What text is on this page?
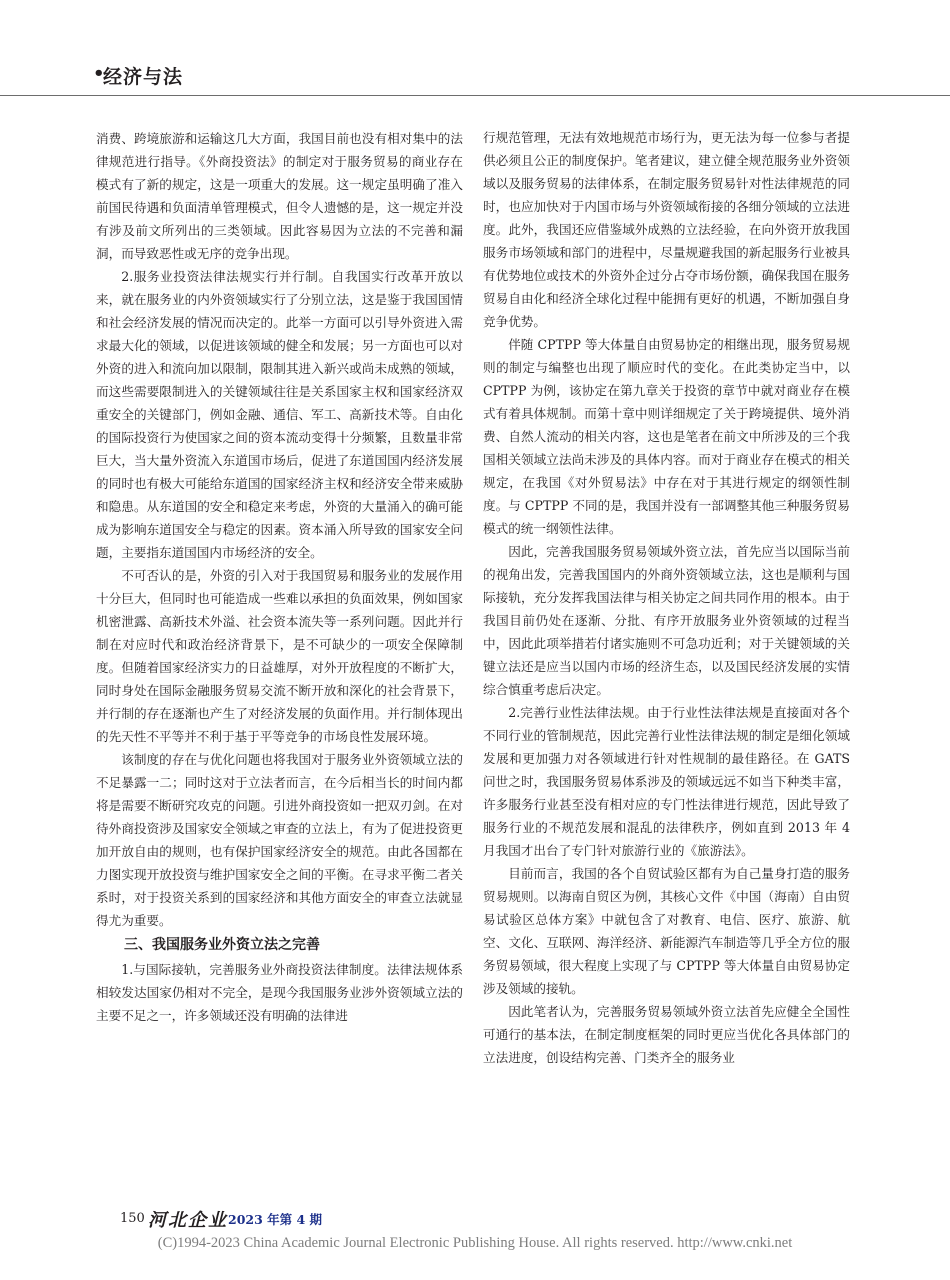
•
经济与法

消费、跨境旅游和运输这几大方面，我国目前也没有相对集中的法律规范进行指导。《外商投资法》的制定对于服务贸易的商业存在模式有了新的规定，这是一项重大的发展。这一规定虽明确了准入前国民待遇和负面清单管理模式，但令人遗憾的是，这一规定并没有涉及前文所列出的三类领域。因此容易因为立法的不完善和漏洞，而导致恶性或无序的竞争出现。

2.服务业投资法律法规实行并行制。自我国实行改革开放以来，就在服务业的内外资领域实行了分别立法，这是鉴于我国国情和社会经济发展的情况而决定的。此举一方面可以引导外资进入需求最大化的领域，以促进该领域的健全和发展；另一方面也可以对外资的进入和流向加以限制，限制其进入新兴或尚未成熟的领域，而这些需要限制进入的关键领域往往是关系国家主权和国家经济双重安全的关键部门，例如金融、通信、军工、高新技术等。自由化的国际投资行为使国家之间的资本流动变得十分频繁，且数量非常巨大，当大量外资流入东道国市场后，促进了东道国国内经济发展的同时也有极大可能给东道国的国家经济主权和经济安全带来威胁和隐患。从东道国的安全和稳定来考虑，外资的大量涌入的确可能成为影响东道国安全与稳定的因素。资本涌入所导致的国家安全问题，主要指东道国国内市场经济的安全。

不可否认的是，外资的引入对于我国贸易和服务业的发展作用十分巨大，但同时也可能造成一些难以承担的负面效果，例如国家机密泄露、高新技术外溢、社会资本流失等一系列问题。因此并行制在对应时代和政治经济背景下，是不可缺少的一项安全保障制度。但随着国家经济实力的日益雄厚，对外开放程度的不断扩大，同时身处在国际金融服务贸易交流不断开放和深化的社会背景下，并行制的存在逐渐也产生了对经济发展的负面作用。并行制体现出的先天性不平等并不利于基于平等竞争的市场良性发展环境。

该制度的存在与优化问题也将我国对于服务业外资领域立法的不足暴露一二；同时这对于立法者而言，在今后相当长的时间内都将是需要不断研究攻克的问题。引进外商投资如一把双刃剑。在对待外商投资涉及国家安全领域之审查的立法上，有为了促进投资更加开放自由的规则，也有保护国家经济安全的规范。由此各国都在力图实现开放投资与维护国家安全之间的平衡。在寻求平衡二者关系时，对于投资关系到的国家经济和其他方面安全的审查立法就显得尤为重要。

三、我国服务业外资立法之完善

1.与国际接轨，完善服务业外商投资法律制度。法律法规体系相较发达国家仍相对不完全，是现今我国服务业涉外资领域立法的主要不足之一，许多领域还没有明确的法律进

行规范管理，无法有效地规范市场行为，更无法为每一位参与者提供必须且公正的制度保护。笔者建议，建立健全规范服务业外资领域以及服务贸易的法律体系，在制定服务贸易针对性法律规范的同时，也应加快对于内国市场与外资领域衔接的各细分领域的立法进度。此外，我国还应借鉴域外成熟的立法经验，在向外资开放我国服务市场领域和部门的进程中，尽量规避我国的新起服务行业被具有优势地位或技术的外资外企过分占夺市场份额，确保我国在服务贸易自由化和经济全球化过程中能拥有更好的机遇，不断加强自身竞争优势。

伴随 CPTPP 等大体量自由贸易协定的相继出现，服务贸易规则的制定与编整也出现了顺应时代的变化。在此类协定当中，以 CPTPP 为例，该协定在第九章关于投资的章节中就对商业存在模式有着具体规制。而第十章中则详细规定了关于跨境提供、境外消费、自然人流动的相关内容，这也是笔者在前文中所涉及的三个我国相关领域立法尚未涉及的具体内容。而对于商业存在模式的相关规定，在我国《对外贸易法》中存在对于其进行规定的纲领性制度。与 CPTPP 不同的是，我国并没有一部调整其他三种服务贸易模式的统一纲领性法律。

因此，完善我国服务贸易领域外资立法，首先应当以国际当前的视角出发，完善我国国内的外商外资领域立法，这也是顺利与国际接轨，充分发挥我国法律与相关协定之间共同作用的根本。由于我国目前仍处在逐渐、分批、有序开放服务业外资领域的过程当中，因此此项举措若付诸实施则不可急功近利；对于关键领域的关键立法还是应当以国内市场的经济生态，以及国民经济发展的实情综合慎重考虑后决定。

2.完善行业性法律法规。由于行业性法律法规是直接面对各个不同行业的管制规范，因此完善行业性法律法规的制定是细化领域发展和更加强力对各领域进行针对性规制的最佳路径。在 GATS 问世之时，我国服务贸易体系涉及的领域远远不如当下种类丰富，许多服务行业甚至没有相对应的专门性法律进行规范，因此导致了服务行业的不规范发展和混乱的法律秩序，例如直到 2013 年 4 月我国才出台了专门针对旅游行业的《旅游法》。

目前而言，我国的各个自贸试验区都有为自己量身打造的服务贸易规则。以海南自贸区为例，其核心文件《中国（海南）自由贸易试验区总体方案》中就包含了对教育、电信、医疗、旅游、航空、文化、互联网、海洋经济、新能源汽车制造等几乎全方位的服务贸易领域，很大程度上实现了与 CPTPP 等大体量自由贸易协定涉及领域的接轨。

因此笔者认为，完善服务贸易领域外资立法首先应健全全国性可通行的基本法，在制定制度框架的同时更应当优化各具体部门的立法进度，创设结构完善、门类齐全的服务业

150 河北企业 2023 年第 4 期
(C)1994-2023 China Academic Journal Electronic Publishing House. All rights reserved. http://www.cnki.net
